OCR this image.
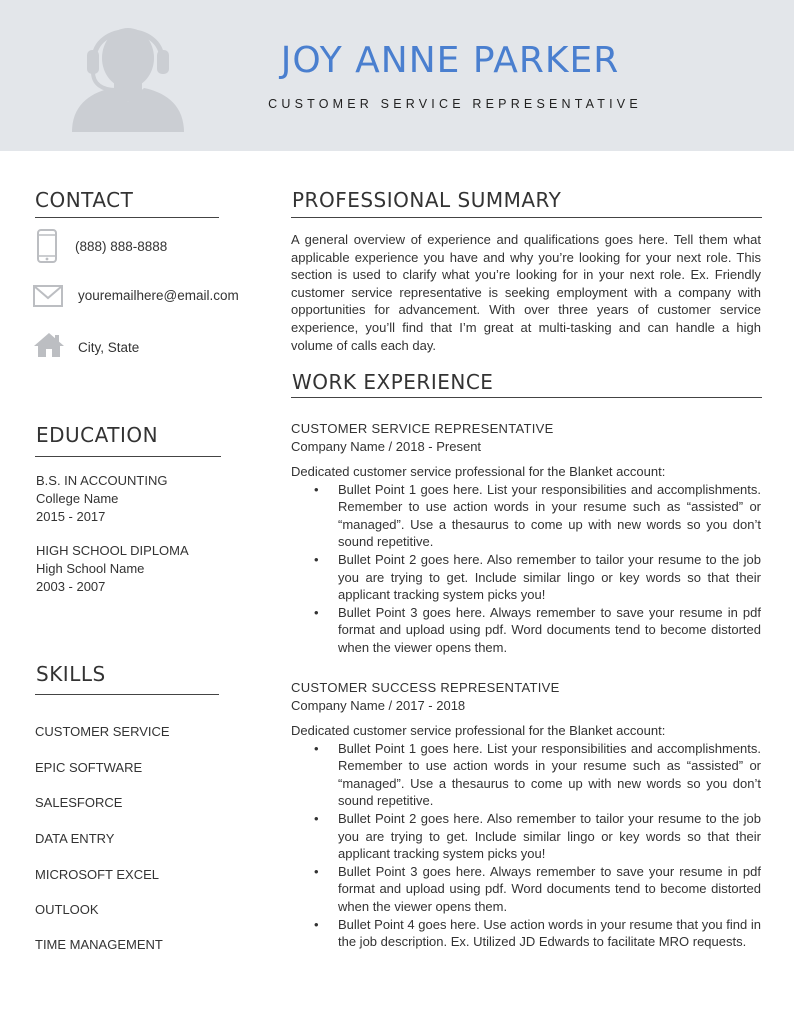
JOY ANNE PARKER
CUSTOMER SERVICE REPRESENTATIVE
CONTACT
(888) 888-8888
youremailhere@email.com
City, State
EDUCATION
B.S. IN ACCOUNTING
College Name
2015 - 2017
HIGH SCHOOL DIPLOMA
High School Name
2003 - 2007
SKILLS
CUSTOMER SERVICE
EPIC SOFTWARE
SALESFORCE
DATA ENTRY
MICROSOFT EXCEL
OUTLOOK
TIME MANAGEMENT
PROFESSIONAL SUMMARY
A general overview of experience and qualifications goes here. Tell them what applicable experience you have and why you’re looking for your next role. This section is used to clarify what you’re looking for in your next role. Ex. Friendly customer service representative is seeking employment with a company with opportunities for advancement. With over three years of customer service experience, you’ll find that I’m great at multi-tasking and can handle a high volume of calls each day.
WORK EXPERIENCE
CUSTOMER SERVICE REPRESENTATIVE
Company Name / 2018 - Present
Dedicated customer service professional for the Blanket account:
• Bullet Point 1 goes here. List your responsibilities and accomplishments. Remember to use action words in your resume such as “assisted” or “managed”. Use a thesaurus to come up with new words so you don’t sound repetitive.
• Bullet Point 2 goes here. Also remember to tailor your resume to the job you are trying to get. Include similar lingo or key words so that their applicant tracking system picks you!
• Bullet Point 3 goes here. Always remember to save your resume in pdf format and upload using pdf. Word documents tend to become distorted when the viewer opens them.
CUSTOMER SUCCESS REPRESENTATIVE
Company Name / 2017 - 2018
Dedicated customer service professional for the Blanket account:
• Bullet Point 1 goes here. List your responsibilities and accomplishments. Remember to use action words in your resume such as “assisted” or “managed”. Use a thesaurus to come up with new words so you don’t sound repetitive.
• Bullet Point 2 goes here. Also remember to tailor your resume to the job you are trying to get. Include similar lingo or key words so that their applicant tracking system picks you!
• Bullet Point 3 goes here. Always remember to save your resume in pdf format and upload using pdf. Word documents tend to become distorted when the viewer opens them.
• Bullet Point 4 goes here. Use action words in your resume that you find in the job description. Ex. Utilized JD Edwards to facilitate MRO requests.
